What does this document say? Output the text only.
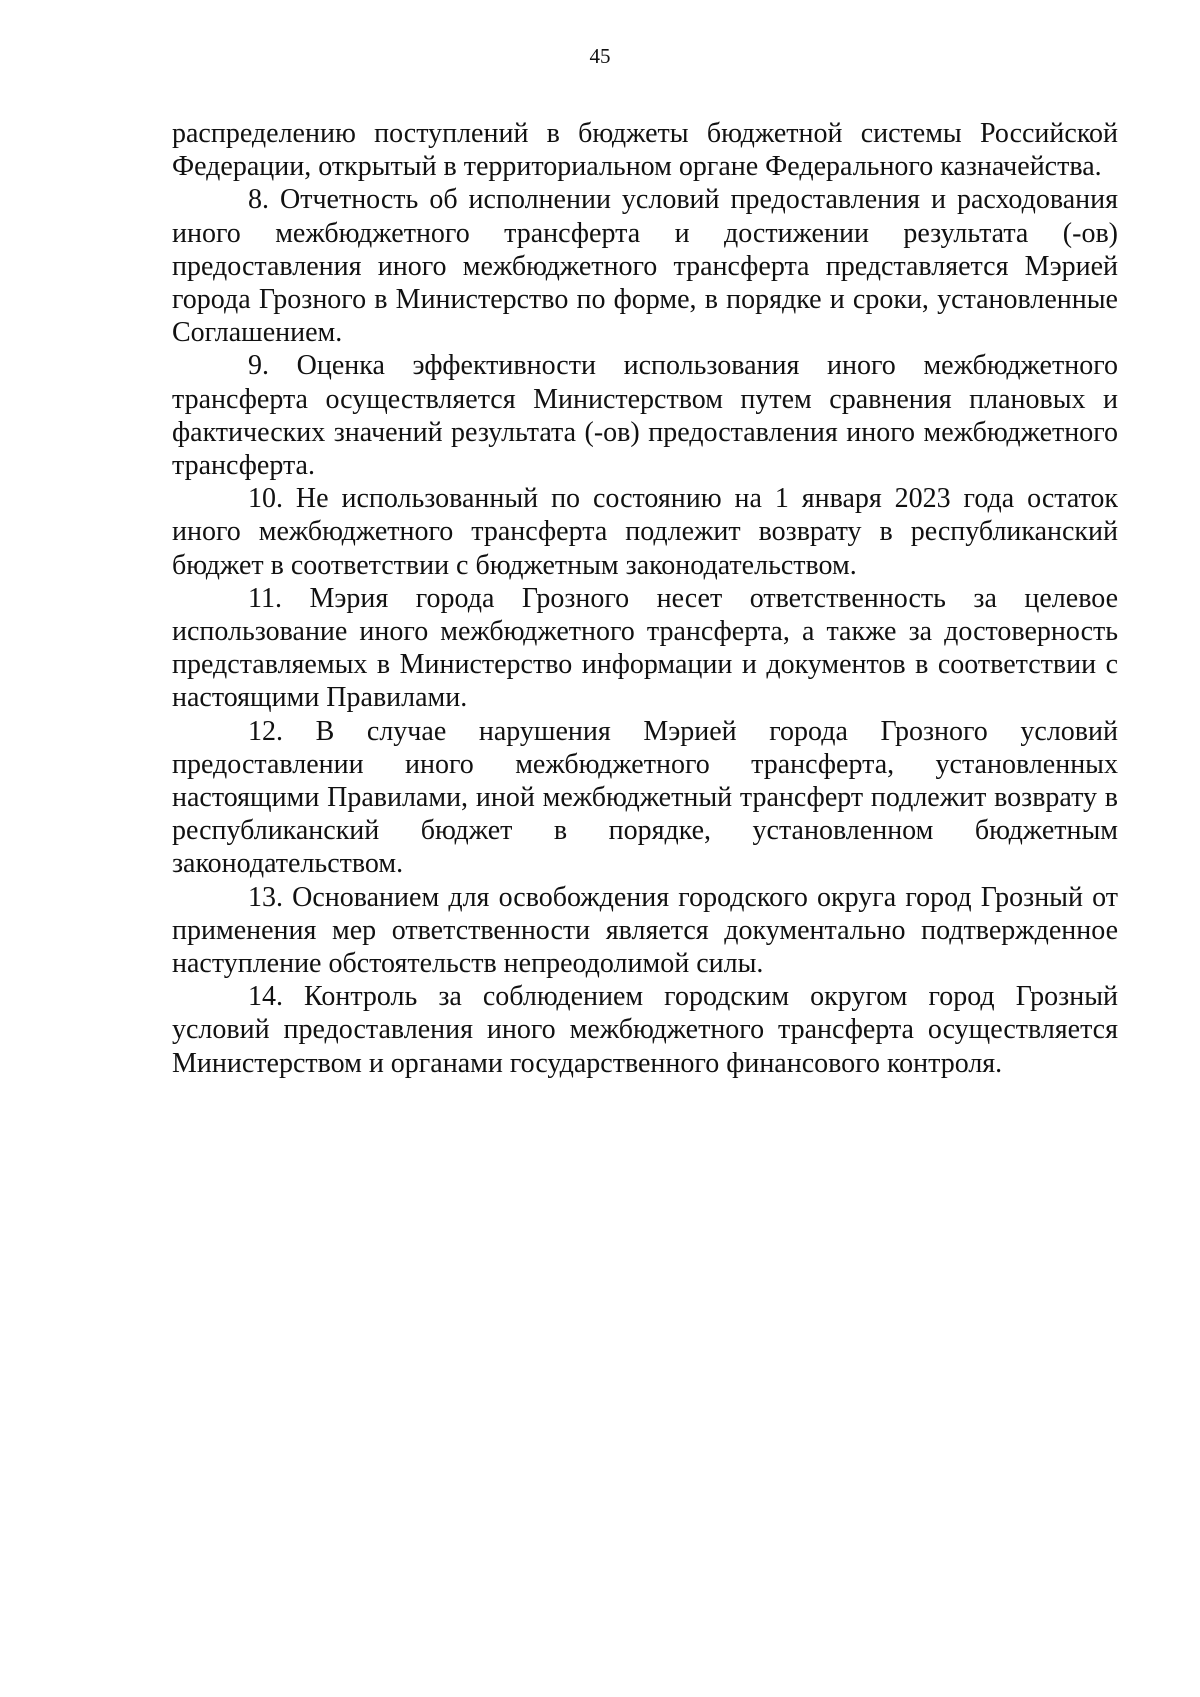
45

распределению поступлений в бюджеты бюджетной системы Российской Федерации, открытый в территориальном органе Федерального казначейства.

8. Отчетность об исполнении условий предоставления и расходования иного межбюджетного трансферта и достижении результата (-ов) предоставления иного межбюджетного трансферта представляется Мэрией города Грозного в Министерство по форме, в порядке и сроки, установленные Соглашением.

9. Оценка эффективности использования иного межбюджетного трансферта осуществляется Министерством путем сравнения плановых и фактических значений результата (-ов) предоставления иного межбюджетного трансферта.

10. Не использованный по состоянию на 1 января 2023 года остаток иного межбюджетного трансферта подлежит возврату в республиканский бюджет в соответствии с бюджетным законодательством.

11. Мэрия города Грозного несет ответственность за целевое использование иного межбюджетного трансферта, а также за достоверность представляемых в Министерство информации и документов в соответствии с настоящими Правилами.

12. В случае нарушения Мэрией города Грозного условий предоставлении иного межбюджетного трансферта, установленных настоящими Правилами, иной межбюджетный трансферт подлежит возврату в республиканский бюджет в порядке, установленном бюджетным законодательством.

13. Основанием для освобождения городского округа город Грозный от применения мер ответственности является документально подтвержденное наступление обстоятельств непреодолимой силы.

14. Контроль за соблюдением городским округом город Грозный условий предоставления иного межбюджетного трансферта осуществляется Министерством и органами государственного финансового контроля.
